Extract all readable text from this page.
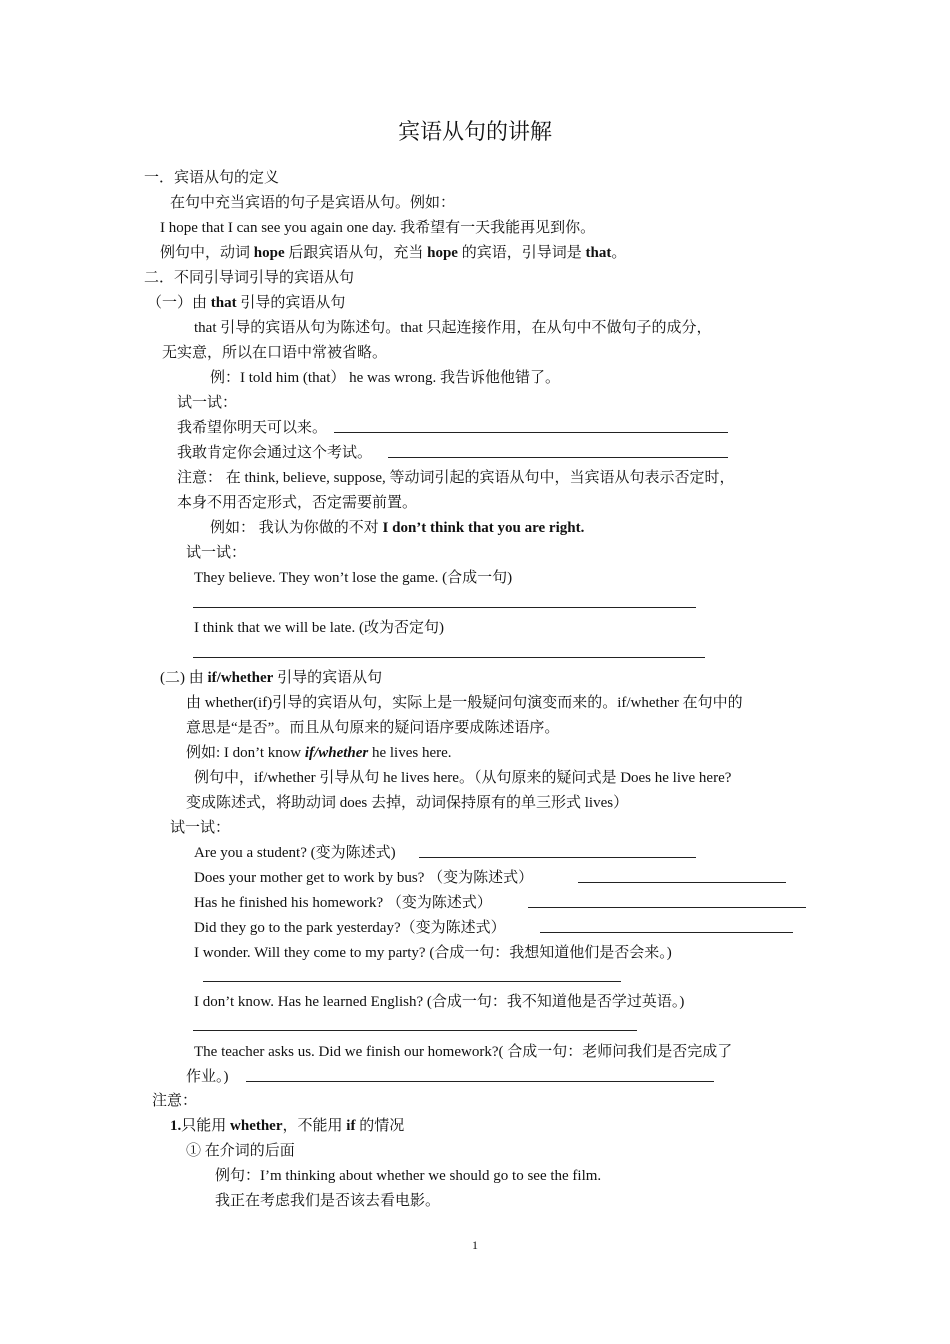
宾语从句的讲解
一．宾语从句的定义
在句中充当宾语的句子是宾语从句。例如：
I hope that I can see you again one day. 我希望有一天我能再见到你。
例句中，动词 hope 后跟宾语从句，充当 hope 的宾语，引导词是 that。
二．不同引导词引导的宾语从句
（一）由 that 引导的宾语从句
that 引导的宾语从句为陈述句。that 只起连接作用，在从句中不做句子的成分，
无实意，所以在口语中常被省略。
例：I told him (that） he was wrong. 我告诉他他错了。
试一试：
我希望你明天可以来。
我敢肯定你会通过这个考试。
注意： 在 think, believe, suppose, 等动词引起的宾语从句中，当宾语从句表示否定时，
本身不用否定形式，否定需要前置。
例如： 我认为你做的不对 I don’t think that you are right.
试一试：
They believe. They won’t lose the game. (合成一句)
I think that we will be late. (改为否定句)
(二) 由 if/whether 引导的宾语从句
由 whether(if)引导的宾语从句，实际上是一般疑问句演变而来的。if/whether 在句中的
意思是“是否”。而且从句原来的疑问语序要成陈述语序。
例如: I don’t know if/whether he lives here.
例句中，if/whether 引导从句 he lives here。（从句原来的疑问式是 Does he live here?
变成陈述式，将助动词 does 去掉，动词保持原有的单三形式 lives）
试一试：
Are you a student? (变为陈述式)
Does your mother get to work by bus? （变为陈述式）
Has he finished his homework? （变为陈述式）
Did they go to the park yesterday?（变为陈述式）
I wonder. Will they come to my party? (合成一句：我想知道他们是否会来。)
I don’t know. Has he learned English? (合成一句：我不知道他是否学过英语。)
The teacher asks us. Did we finish our homework?( 合成一句：老师问我们是否完成了
作业。)
注意：
1.只能用 whether，不能用 if 的情况
① 在介词的后面
例句：I’m thinking about whether we should go to see the film.
我正在考虑我们是否该去看电影。
1
